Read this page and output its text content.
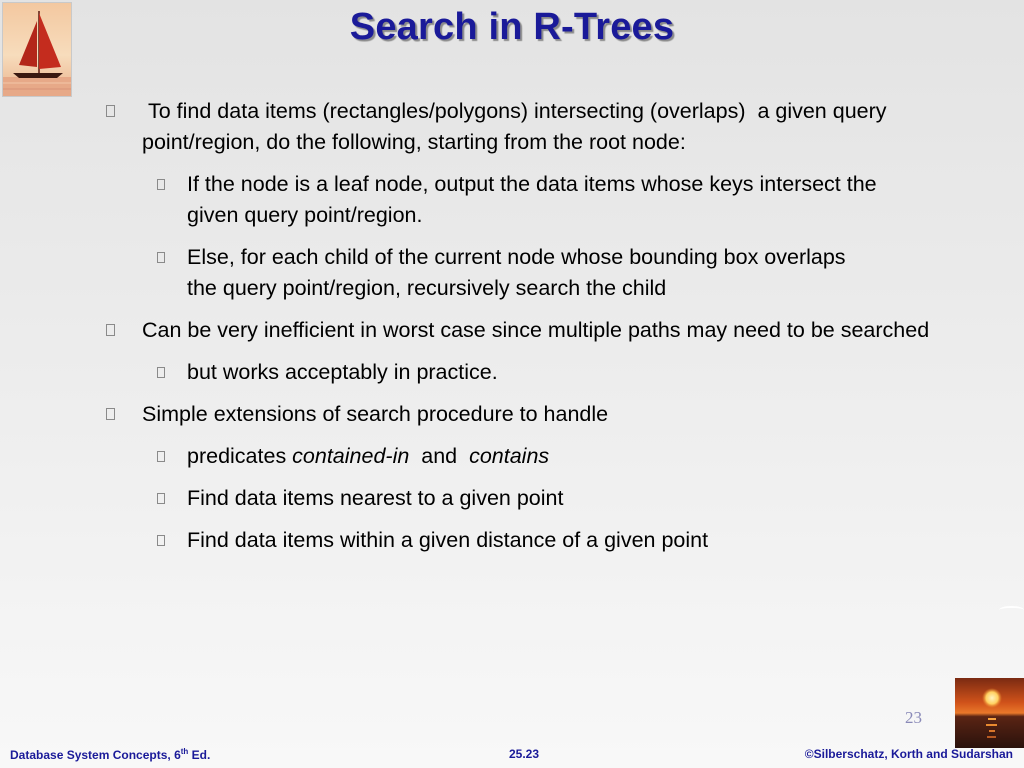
Search in R-Trees
To find data items (rectangles/polygons) intersecting (overlaps)  a given query point/region, do the following, starting from the root node:
If the node is a leaf node, output the data items whose keys intersect the given query point/region.
Else, for each child of the current node whose bounding box overlaps the query point/region, recursively search the child
Can be very inefficient in worst case since multiple paths may need to be searched
but works acceptably in practice.
Simple extensions of search procedure to handle
predicates contained-in  and  contains
Find data items nearest to a given point
Find data items within a given distance of a given point
23
Database System Concepts, 6th Ed.	25.23	©Silberschatz, Korth and Sudarshan
